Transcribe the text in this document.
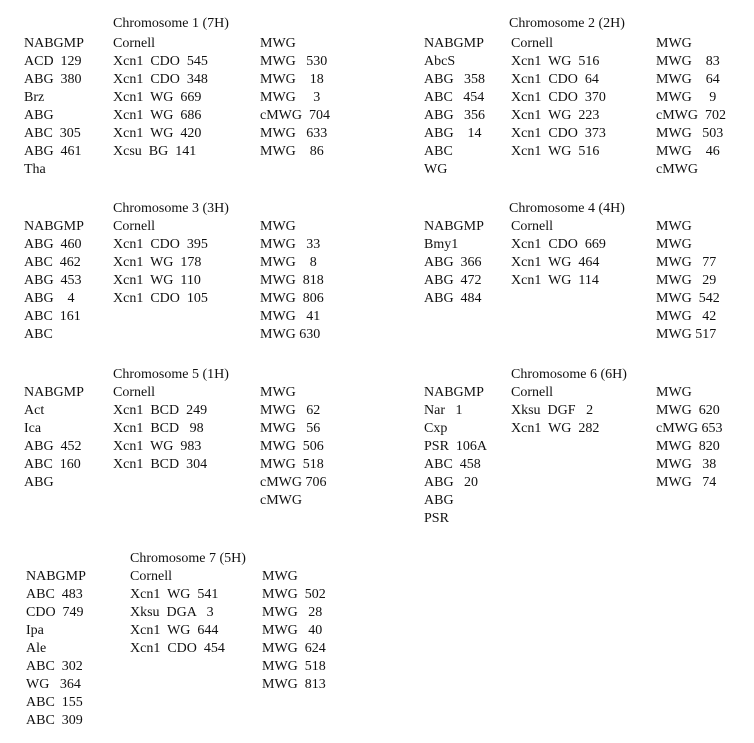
Chromosome 1 (7H)
NABGMP
ACD  129
ABG  380
Brz
ABG
ABC  305
ABG  461
Tha
Cornell
Xcn1  CDO  545
Xcn1  CDO  348
Xcn1  WG  669
Xcn1  WG  686
Xcn1  WG  420
Xcsu  BG  141
MWG
MWG   530
MWG    18
MWG     3
cMWG  704
MWG   633
MWG    86
Chromosome 2 (2H)
NABGMP
AbcS
ABG   358
ABC   454
ABG   356
ABG    14
ABC
WG
Cornell
Xcn1  WG  516
Xcn1  CDO  64
Xcn1  CDO  370
Xcn1  WG  223
Xcn1  CDO  373
Xcn1  WG  516
MWG
MWG    83
MWG    64
MWG     9
cMWG  702
MWG   503
MWG    46
cMWG
Chromosome 3 (3H)
NABGMP
ABG  460
ABC  462
ABG  453
ABG    4
ABC  161
ABC
Cornell
Xcn1  CDO  395
Xcn1  WG  178
Xcn1  WG  110
Xcn1  CDO  105
MWG
MWG   33
MWG    8
MWG  818
MWG  806
MWG   41
MWG 630
Chromosome 4 (4H)
NABGMP
Bmy1
ABG  366
ABG  472
ABG  484
Cornell
Xcn1  CDO  669
Xcn1  WG  464
Xcn1  WG  114
MWG
MWG
MWG   77
MWG   29
MWG  542
MWG   42
MWG 517
Chromosome 5 (1H)
NABGMP
Act
Ica
ABG  452
ABC  160
ABG
Cornell
Xcn1  BCD  249
Xcn1  BCD   98
Xcn1  WG  983
Xcn1  BCD  304
MWG
MWG   62
MWG   56
MWG  506
MWG  518
cMWG 706
cMWG
Chromosome 6 (6H)
NABGMP
Nar   1
Cxp
PSR  106A
ABC  458
ABG   20
ABG
PSR
Cornell
Xksu  DGF   2
Xcn1  WG  282
MWG
MWG  620
cMWG 653
MWG  820
MWG   38
MWG   74
Chromosome 7 (5H)
NABGMP
ABC  483
CDO  749
Ipa
Ale
ABC  302
WG   364
ABC  155
ABC  309
Cornell
Xcn1  WG  541
Xksu  DGA   3
Xcn1  WG  644
Xcn1  CDO  454
MWG
MWG  502
MWG   28
MWG   40
MWG  624
MWG  518
MWG  813
